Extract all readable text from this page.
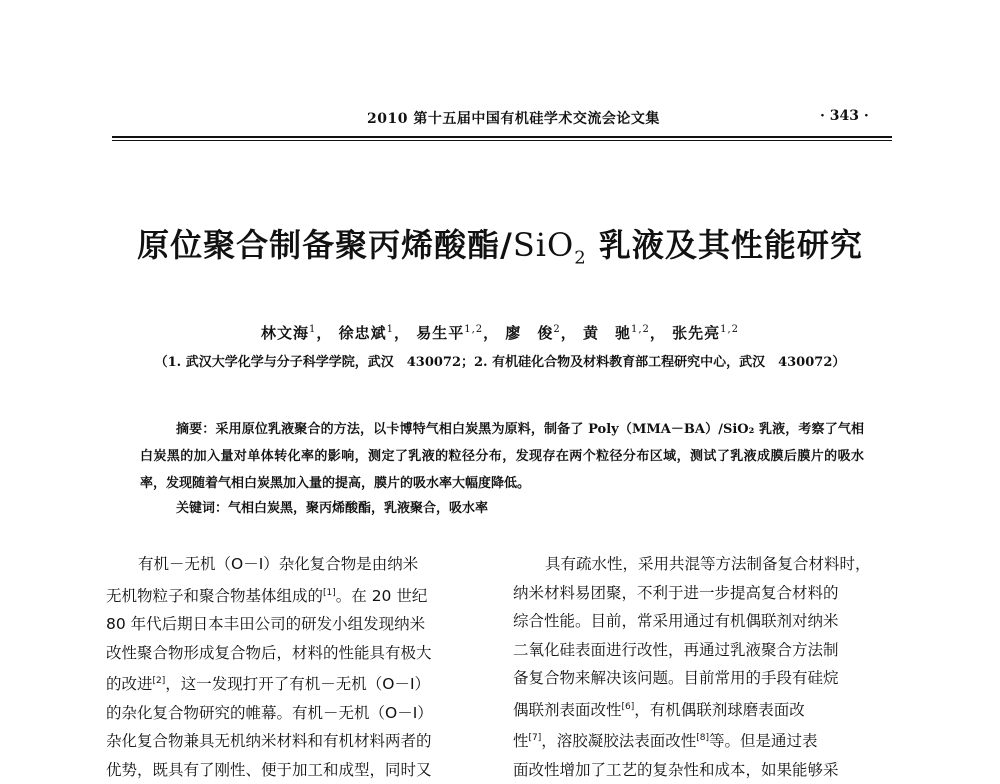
2010 第十五届中国有机硅学术交流会论文集	· 343 ·
原位聚合制备聚丙烯酸酯/SiO$_2$ 乳液及其性能研究
林文海$^1$， 徐忠斌$^1$， 易生平$^{1,2}$， 廖　俊$^2$， 黄　驰$^{1,2}$， 张先亮$^{1,2}$
（1. 武汉大学化学与分子科学学院，武汉　430072；2. 有机硅化合物及材料教育部工程研究中心，武汉　430072）
摘要：采用原位乳液聚合的方法，以卡博特气相白炭黑为原料，制备了 Poly（MMA－BA）/SiO₂ 乳液，考察了气相白炭黑的加入量对单体转化率的影响，测定了乳液的粒径分布，发现存在两个粒径分布区域，测试了乳液成膜后膜片的吸水率，发现随着气相白炭黑加入量的提高，膜片的吸水率大幅度降低。
关键词：气相白炭黑，聚丙烯酸酯，乳液聚合，吸水率
有机－无机（O－I）杂化复合物是由纳米
无机物粒子和聚合物基体组成的[1]。在 20 世纪
80 年代后期日本丰田公司的研发小组发现纳米
改性聚合物形成复合物后，材料的性能具有极大
的改进[2]，这一发现打开了有机－无机（O－I）
的杂化复合物研究的帷幕。有机－无机（O－I）
杂化复合物兼具无机纳米材料和有机材料两者的
优势，既具有了刚性、便于加工和成型，同时又
具有疏水性，采用共混等方法制备复合材料时，
纳米材料易团聚，不利于进一步提高复合材料的
综合性能。目前，常采用通过有机偶联剂对纳米
二氧化硅表面进行改性，再通过乳液聚合方法制
备复合物来解决该问题。目前常用的手段有硅烷
偶联剂表面改性[6]，有机偶联剂球磨表面改
性[7]，溶胶凝胶法表面改性[8]等。但是通过表
面改性增加了工艺的复杂性和成本，如果能够采
